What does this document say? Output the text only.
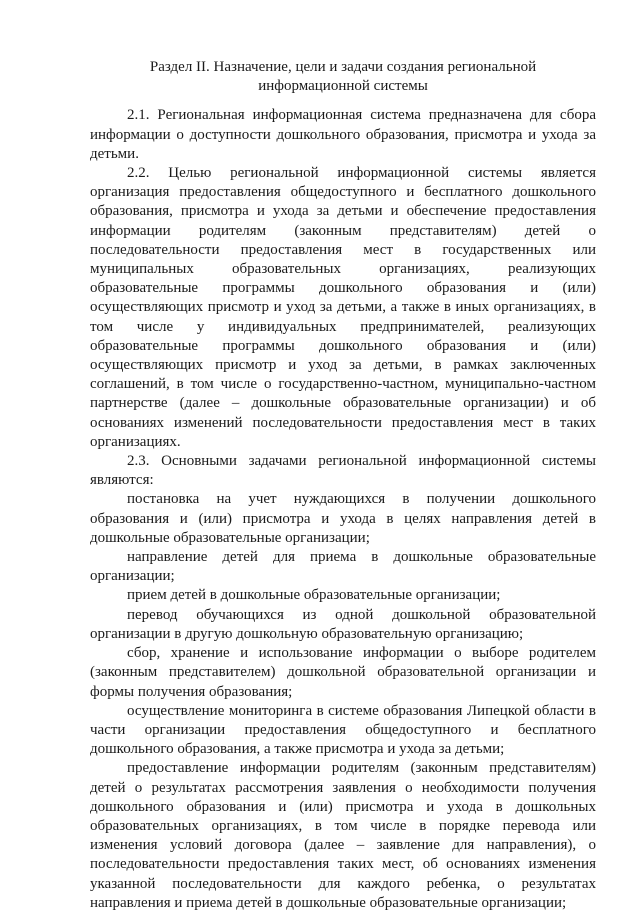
Раздел II. Назначение, цели и задачи создания региональной
информационной системы

2.1. Региональная информационная система предназначена для сбора информации о доступности дошкольного образования, присмотра и ухода за детьми.

2.2. Целью региональной информационной системы является организация предоставления общедоступного и бесплатного дошкольного образования, присмотра и ухода за детьми и обеспечение предоставления информации родителям (законным представителям) детей о последовательности предоставления мест в государственных или муниципальных образовательных организациях, реализующих образовательные программы дошкольного образования и (или) осуществляющих присмотр и уход за детьми, а также в иных организациях, в том числе у индивидуальных предпринимателей, реализующих образовательные программы дошкольного образования и (или) осуществляющих присмотр и уход за детьми, в рамках заключенных соглашений, в том числе о государственно-частном, муниципально-частном партнерстве (далее – дошкольные образовательные организации) и об основаниях изменений последовательности предоставления мест в таких организациях.

2.3. Основными задачами региональной информационной системы являются:

постановка на учет нуждающихся в получении дошкольного образования и (или) присмотра и ухода в целях направления детей в дошкольные образовательные организации;

направление детей для приема в дошкольные образовательные организации;

прием детей в дошкольные образовательные организации;

перевод обучающихся из одной дошкольной образовательной организации в другую дошкольную образовательную организацию;

сбор, хранение и использование информации о выборе родителем (законным представителем) дошкольной образовательной организации и формы получения образования;

осуществление мониторинга в системе образования Липецкой области в части организации предоставления общедоступного и бесплатного дошкольного образования, а также присмотра и ухода за детьми;

предоставление информации родителям (законным представителям) детей о результатах рассмотрения заявления о необходимости получения дошкольного образования и (или) присмотра и ухода в дошкольных образовательных организациях, в том числе в порядке перевода или изменения условий договора (далее – заявление для направления), о последовательности предоставления таких мест, об основаниях изменения указанной последовательности для каждого ребенка, о результатах направления и приема детей в дошкольные образовательные организации;
